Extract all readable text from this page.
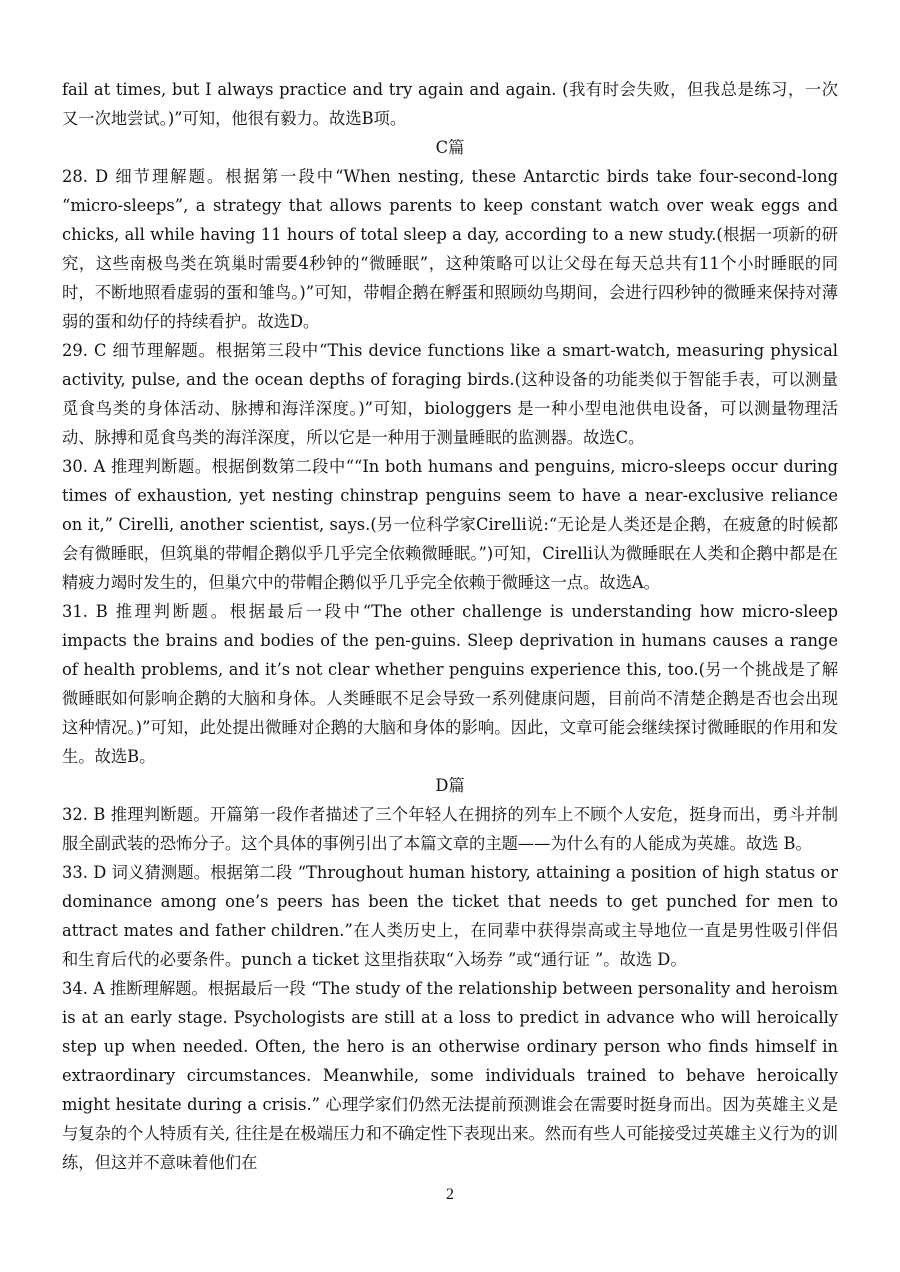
fail at times, but I always practice and try again and again. (我有时会失败，但我总是练习，一次又一次地尝试。)”可知，他很有毅力。故选B项。

C篇

28. D 细节理解题。根据第一段中“When nesting, these Antarctic birds take four-second-long “micro-sleeps”, a strategy that allows parents to keep constant watch over weak eggs and chicks, all while having 11 hours of total sleep a day, according to a new study.(根据一项新的研究，这些南极鸟类在筑巢时需要4秒钟的“微睡眠”，这种策略可以让父母在每天总共有11个小时睡眠的同时，不断地照看虚弱的蛋和雏鸟。)”可知，带帽企鹅在孵蛋和照顾幼鸟期间，会进行四秒钟的微睡来保持对薄弱的蛋和幼仔的持续看护。故选D。

29. C 细节理解题。根据第三段中“This device functions like a smart-watch, measuring physical activity, pulse, and the ocean depths of foraging birds.(这种设备的功能类似于智能手表，可以测量觅食鸟类的身体活动、脉搏和海洋深度。)”可知，biologgers 是一种小型电池供电设备，可以测量物理活动、脉搏和觅食鸟类的海洋深度，所以它是一种用于测量睡眠的监测器。故选C。

30. A 推理判断题。根据倒数第二段中““In both humans and penguins, micro-sleeps occur during times of exhaustion, yet nesting chinstrap penguins seem to have a near-exclusive reliance on it,” Cirelli, another scientist, says.(另一位科学家Cirelli说:“无论是人类还是企鹅，在疲惫的时候都会有微睡眠，但筑巢的带帽企鹅似乎几乎完全依赖微睡眠。”)可知，Cirelli认为微睡眠在人类和企鹅中都是在精疲力竭时发生的，但巢穴中的带帽企鹅似乎几乎完全依赖于微睡这一点。故选A。

31. B 推理判断题。根据最后一段中“The other challenge is understanding how micro-sleep impacts the brains and bodies of the pen-guins. Sleep deprivation in humans causes a range of health problems, and it’s not clear whether penguins experience this, too.(另一个挑战是了解微睡眠如何影响企鹅的大脑和身体。人类睡眠不足会导致一系列健康问题，目前尚不清楚企鹅是否也会出现这种情况。)”可知，此处提出微睡对企鹅的大脑和身体的影响。因此，文章可能会继续探讨微睡眠的作用和发生。故选B。

D篇

32. B 推理判断题。开篇第一段作者描述了三个年轻人在拥挤的列车上不顾个人安危，挺身而出，勇斗并制服全副武装的恐怖分子。这个具体的事例引出了本篇文章的主题——为什么有的人能成为英雄。故选 B。

33. D 词义猜测题。根据第二段 “Throughout human history, attaining a position of high status or dominance among one’s peers has been the ticket that needs to get punched for men to attract mates and father children.”在人类历史上，在同辈中获得崇高或主导地位一直是男性吸引伴侣和生育后代的必要条件。punch a ticket 这里指获取“入场券 ”或“通行证 ”。故选 D。

34. A 推断理解题。根据最后一段 “The study of the relationship between personality and heroism is at an early stage. Psychologists are still at a loss to predict in advance who will heroically step up when needed. Often, the hero is an otherwise ordinary person who finds himself in extraordinary circumstances. Meanwhile, some individuals trained to behave heroically might hesitate during a crisis.” 心理学家们仍然无法提前预测谁会在需要时挺身而出。因为英雄主义是与复杂的个人特质有关, 往往是在极端压力和不确定性下表现出来。然而有些人可能接受过英雄主义行为的训练，但这并不意味着他们在

2
